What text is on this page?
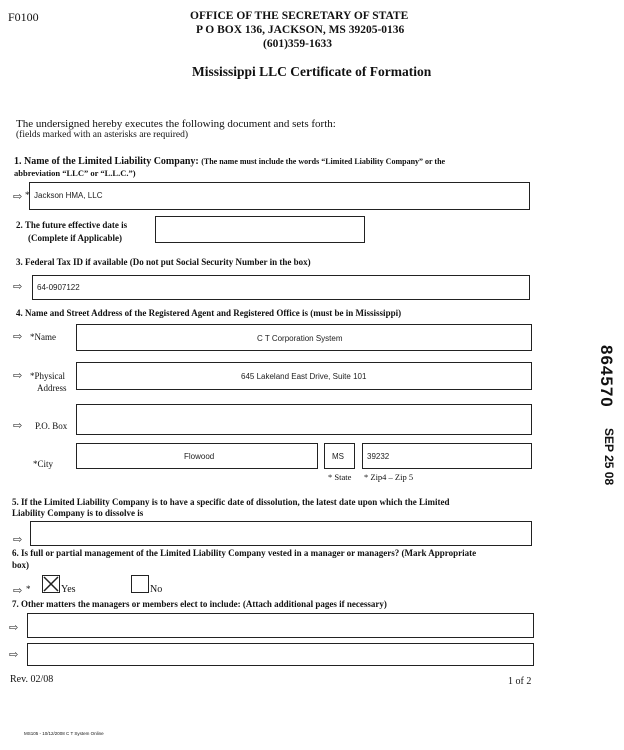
F0100	OFFICE OF THE SECRETARY OF STATE
P O BOX 136, JACKSON, MS 39205-0136
(601)359-1633
Mississippi LLC Certificate of Formation
The undersigned hereby executes the following document and sets forth:
(fields marked with an asterisks are required)
1. Name of the Limited Liability Company: (The name must include the words “Limited Liability Company” or the
abbreviation “LLC” or “L.L.C.”)
⇨ * Jackson HMA, LLC
2. The future effective date is
(Complete if Applicable)
3. Federal Tax ID if available (Do not put Social Security Number in the box)
⇨ 64-0907122
4. Name and Street Address of the Registered Agent and Registered Office is (must be in Mississippi)
⇨ *Name	C T Corporation System
⇨ *Physical
Address
645 Lakeland East Drive, Suite 101
⇨ P.O. Box
*City
Flowood	MS	39232
* State * Zip4 – Zip 5
5. If the Limited Liability Company is to have a specific date of dissolution, the latest date upon which the Limited
Liability Company is to dissolve is
⇨
6. Is full or partial management of the Limited Liability Company vested in a manager or managers? (Mark Appropriate
box)
⇨ *	Yes	No
7. Other matters the managers or members elect to include: (Attach additional pages if necessary)
⇨
⇨
Rev. 02/08	1 of 2
MS105 - 10/12/2008 C T System Online
864570
SEP 25 08
